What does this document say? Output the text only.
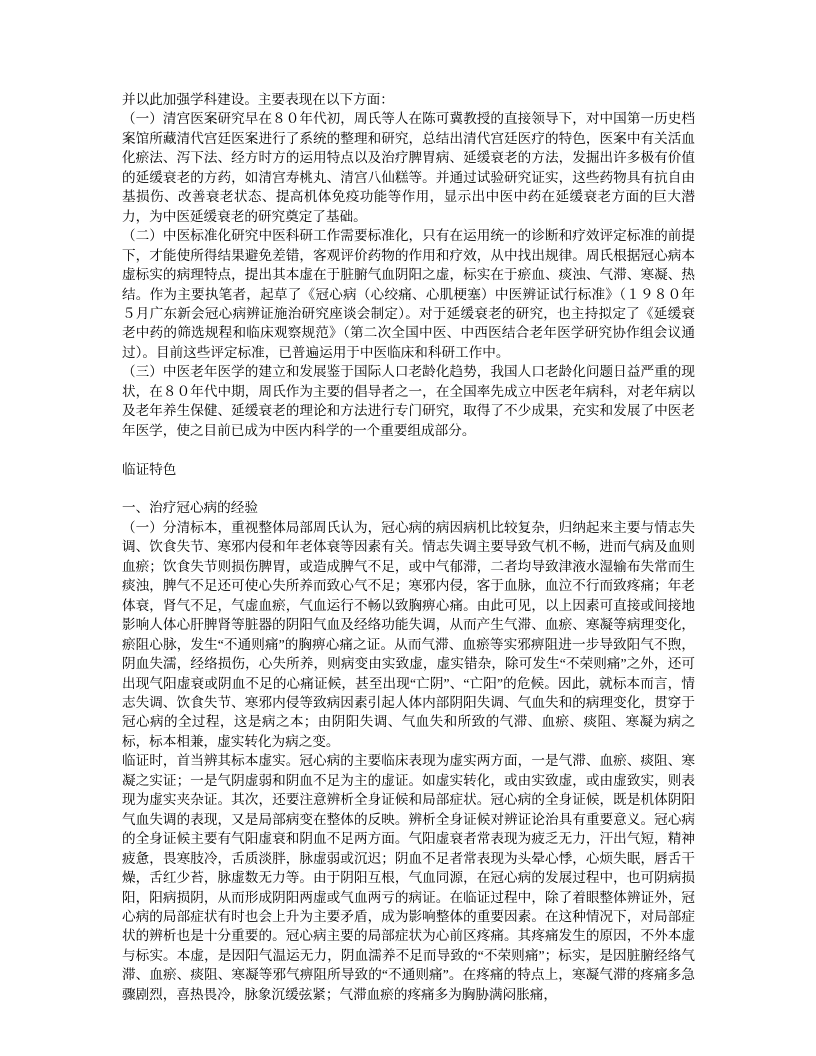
并以此加强学科建设。主要表现在以下方面：

（一）清宫医案研究早在８０年代初，周氏等人在陈可冀教授的直接领导下，对中国第一历史档案馆所藏清代宫廷医案进行了系统的整理和研究，总结出清代宫廷医疗的特色，医案中有关活血化瘀法、泻下法、经方时方的运用特点以及治疗脾胃病、延缓衰老的方法，发掘出许多极有价值的延缓衰老的方药，如清宫寿桃丸、清宫八仙糕等。并通过试验研究证实，这些药物具有抗自由基损伤、改善衰老状态、提高机体免疫功能等作用，显示出中医中药在延缓衰老方面的巨大潜力，为中医延缓衰老的研究奠定了基础。

（二）中医标准化研究中医科研工作需要标准化，只有在运用统一的诊断和疗效评定标准的前提下，才能使所得结果避免差错，客观评价药物的作用和疗效，从中找出规律。周氏根据冠心病本虚标实的病理特点，提出其本虚在于脏腑气血阴阳之虚，标实在于瘀血、痰浊、气滞、寒凝、热结。作为主要执笔者，起草了《冠心病（心绞痛、心肌梗塞）中医辨证试行标准》（１９８０年５月广东新会冠心病辨证施治研究座谈会制定）。对于延缓衰老的研究，也主持拟定了《延缓衰老中药的筛选规程和临床观察规范》（第二次全国中医、中西医结合老年医学研究协作组会议通过）。目前这些评定标准，已普遍运用于中医临床和科研工作中。

（三）中医老年医学的建立和发展鉴于国际人口老龄化趋势，我国人口老龄化问题日益严重的现状，在８０年代中期，周氏作为主要的倡导者之一，在全国率先成立中医老年病科，对老年病以及老年养生保健、延缓衰老的理论和方法进行专门研究，取得了不少成果，充实和发展了中医老年医学，使之目前已成为中医内科学的一个重要组成部分。

临证特色

一、治疗冠心病的经验

（一）分清标本，重视整体局部周氏认为，冠心病的病因病机比较复杂，归纳起来主要与情志失调、饮食失节、寒邪内侵和年老体衰等因素有关。情志失调主要导致气机不畅，进而气病及血则血瘀；饮食失节则损伤脾胃，或造成脾气不足，或中气郁滞，二者均导致津液水湿输布失常而生痰浊，脾气不足还可使心失所养而致心气不足；寒邪内侵，客于血脉，血泣不行而致疼痛；年老体衰，肾气不足，气虚血瘀，气血运行不畅以致胸痹心痛。由此可见，以上因素可直接或间接地影响人体心肝脾肾等脏器的阴阳气血及经络功能失调，从而产生气滞、血瘀、寒凝等病理变化，瘀阻心脉，发生“不通则痛”的胸痹心痛之证。从而气滞、血瘀等实邪痹阻进一步导致阳气不煦，阴血失濡，经络损伤，心失所养，则病变由实致虚，虚实错杂，除可发生“不荣则痛”之外，还可出现气阳虚衰或阴血不足的心痛证候，甚至出现“亡阴”、“亡阳”的危候。因此，就标本而言，情志失调、饮食失节、寒邪内侵等致病因素引起人体内部阴阳失调、气血失和的病理变化，贯穿于冠心病的全过程，这是病之本；由阴阳失调、气血失和所致的气滞、血瘀、痰阻、寒凝为病之标，标本相兼，虚实转化为病之变。

临证时，首当辨其标本虚实。冠心病的主要临床表现为虚实两方面，一是气滞、血瘀、痰阻、寒凝之实证；一是气阴虚弱和阴血不足为主的虚证。如虚实转化，或由实致虚，或由虚致实，则表现为虚实夹杂证。其次，还要注意辨析全身证候和局部症状。冠心病的全身证候，既是机体阴阳气血失调的表现，又是局部病变在整体的反映。辨析全身证候对辨证论治具有重要意义。冠心病的全身证候主要有气阳虚衰和阴血不足两方面。气阳虚衰者常表现为疲乏无力，汗出气短，精神疲惫，畏寒肢冷，舌质淡胖，脉虚弱或沉迟；阴血不足者常表现为头晕心悸，心烦失眠，唇舌干燥，舌红少苔，脉虚数无力等。由于阴阳互根，气血同源，在冠心病的发展过程中，也可阴病损阳，阳病损阴，从而形成阴阳两虚或气血两亏的病证。在临证过程中，除了着眼整体辨证外，冠心病的局部症状有时也会上升为主要矛盾，成为影响整体的重要因素。在这种情况下，对局部症状的辨析也是十分重要的。冠心病主要的局部症状为心前区疼痛。其疼痛发生的原因，不外本虚与标实。本虚，是因阳气温运无力，阴血濡养不足而导致的“不荣则痛”；标实，是因脏腑经络气滞、血瘀、痰阻、寒凝等邪气痹阻所导致的“不通则痛”。在疼痛的特点上，寒凝气滞的疼痛多急骤剧烈，喜热畏冷，脉象沉缓弦紧；气滞血瘀的疼痛多为胸胁满闷胀痛，
